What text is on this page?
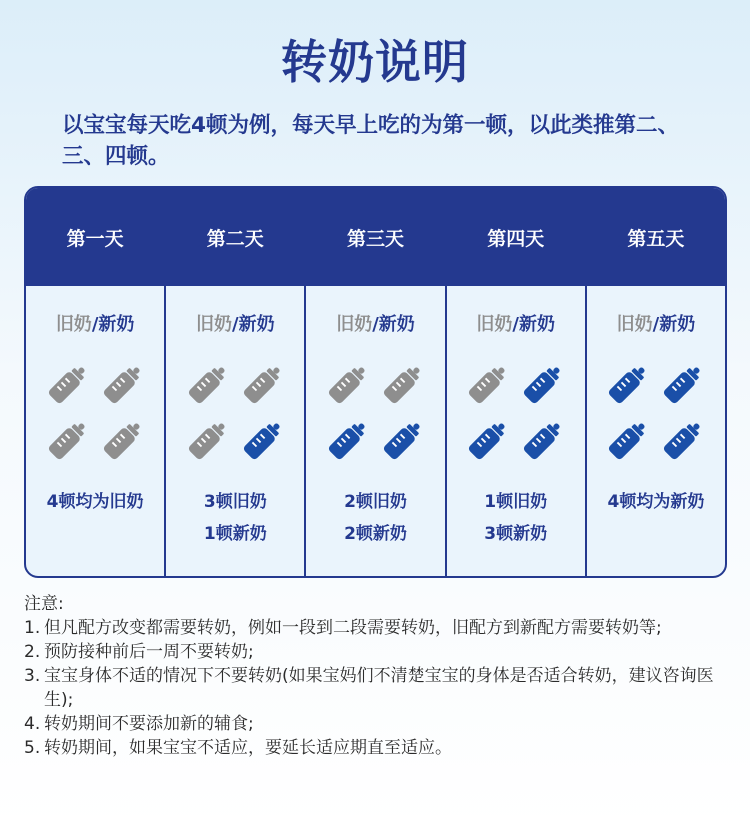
转奶说明
以宝宝每天吃4顿为例，每天早上吃的为第一顿，以此类推第二、三、四顿。
第一天
旧奶/新奶
4顿均为旧奶
第二天
旧奶/新奶
3顿旧奶
1顿新奶
第三天
旧奶/新奶
2顿旧奶
2顿新奶
第四天
旧奶/新奶
1顿旧奶
3顿新奶
第五天
旧奶/新奶
4顿均为新奶
注意:
1. 但凡配方改变都需要转奶，例如一段到二段需要转奶，旧配方到新配方需要转奶等;
2. 预防接种前后一周不要转奶;
3. 宝宝身体不适的情况下不要转奶(如果宝妈们不清楚宝宝的身体是否适合转奶，建议咨询医生);
4. 转奶期间不要添加新的辅食;
5. 转奶期间，如果宝宝不适应，要延长适应期直至适应。
